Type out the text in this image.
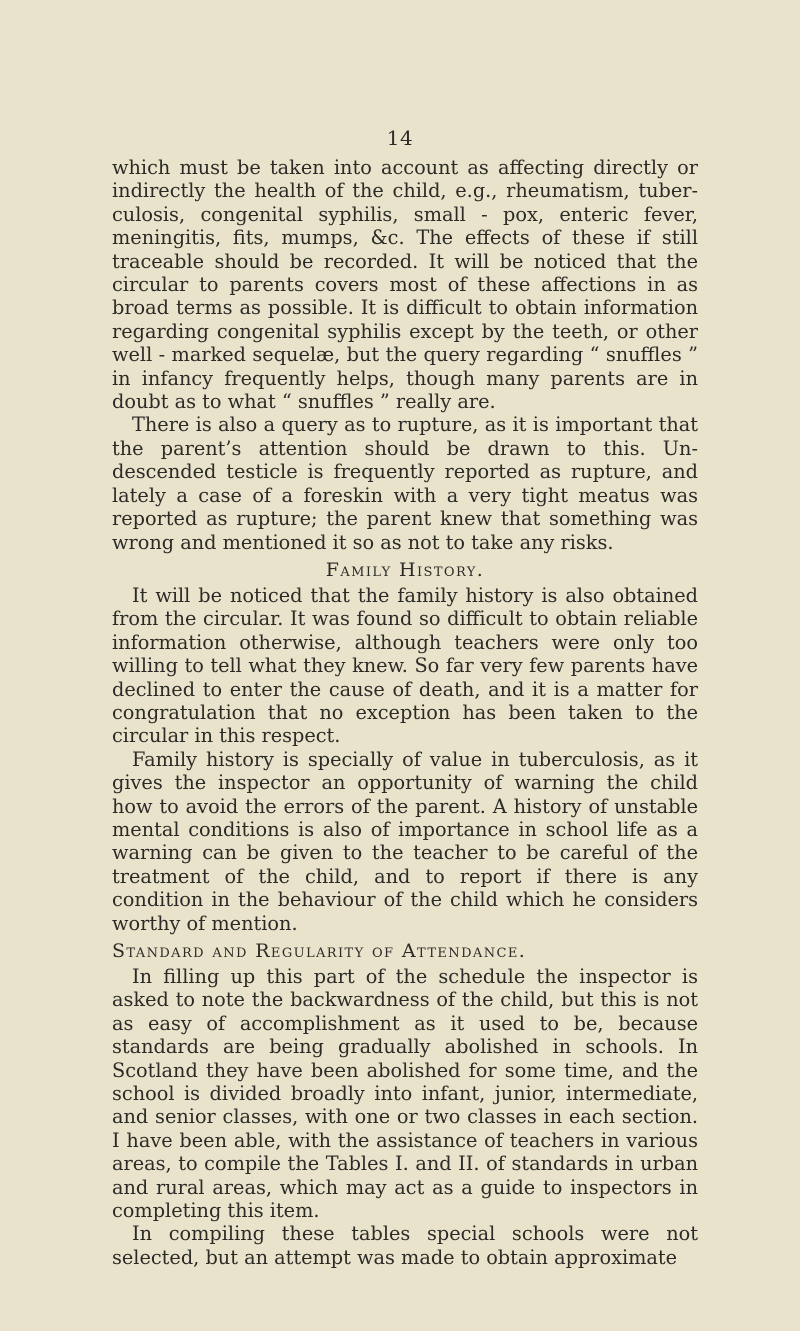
14

which must be taken into account as affecting directly or indirectly the health of the child, e.g., rheumatism, tuberculosis, congenital syphilis, small - pox, enteric fever, meningitis, fits, mumps, &c. The effects of these if still traceable should be recorded. It will be noticed that the circular to parents covers most of these affections in as broad terms as possible. It is difficult to obtain information regarding congenital syphilis except by the teeth, or other well - marked sequelæ, but the query regarding “ snuffles ” in infancy frequently helps, though many parents are in doubt as to what “ snuffles ” really are.

There is also a query as to rupture, as it is important that the parent’s attention should be drawn to this. Undescended testicle is frequently reported as rupture, and lately a case of a foreskin with a very tight meatus was reported as rupture; the parent knew that something was wrong and mentioned it so as not to take any risks.

Family History.

It will be noticed that the family history is also obtained from the circular. It was found so difficult to obtain reliable information otherwise, although teachers were only too willing to tell what they knew. So far very few parents have declined to enter the cause of death, and it is a matter for congratulation that no exception has been taken to the circular in this respect.

Family history is specially of value in tuberculosis, as it gives the inspector an opportunity of warning the child how to avoid the errors of the parent. A history of unstable mental conditions is also of importance in school life as a warning can be given to the teacher to be careful of the treatment of the child, and to report if there is any condition in the behaviour of the child which he considers worthy of mention.

Standard and Regularity of Attendance.

In filling up this part of the schedule the inspector is asked to note the backwardness of the child, but this is not as easy of accomplishment as it used to be, because standards are being gradually abolished in schools. In Scotland they have been abolished for some time, and the school is divided broadly into infant, junior, intermediate, and senior classes, with one or two classes in each section. I have been able, with the assistance of teachers in various areas, to compile the Tables I. and II. of standards in urban and rural areas, which may act as a guide to inspectors in completing this item.

In compiling these tables special schools were not selected, but an attempt was made to obtain approximate
